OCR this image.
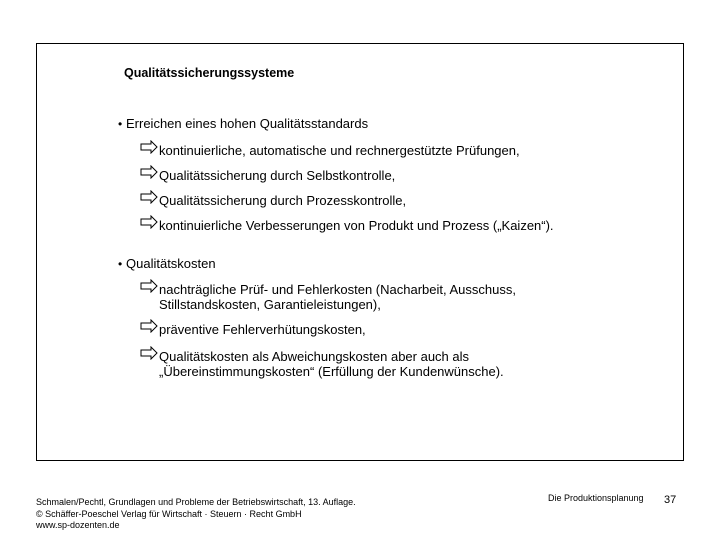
Qualitätssicherungssysteme
• Erreichen eines hohen Qualitätsstandards
kontinuierliche, automatische und rechnergestützte Prüfungen,
Qualitätssicherung durch Selbstkontrolle,
Qualitätssicherung durch Prozesskontrolle,
kontinuierliche Verbesserungen von Produkt und Prozess („Kaizen“).
• Qualitätskosten
nachträgliche Prüf- und Fehlerkosten (Nacharbeit, Ausschuss,
Stillstandskosten, Garantieleistungen),
präventive Fehlerverhütungskosten,
Qualitätskosten als Abweichungskosten aber auch als
„Übereinstimmungskosten“ (Erfüllung der Kundenwünsche).
Schmalen/Pechtl, Grundlagen und Probleme der Betriebswirtschaft, 13. Auflage.
© Schäffer-Poeschel Verlag für Wirtschaft · Steuern · Recht GmbH
www.sp-dozenten.de
Die Produktionsplanung 37
